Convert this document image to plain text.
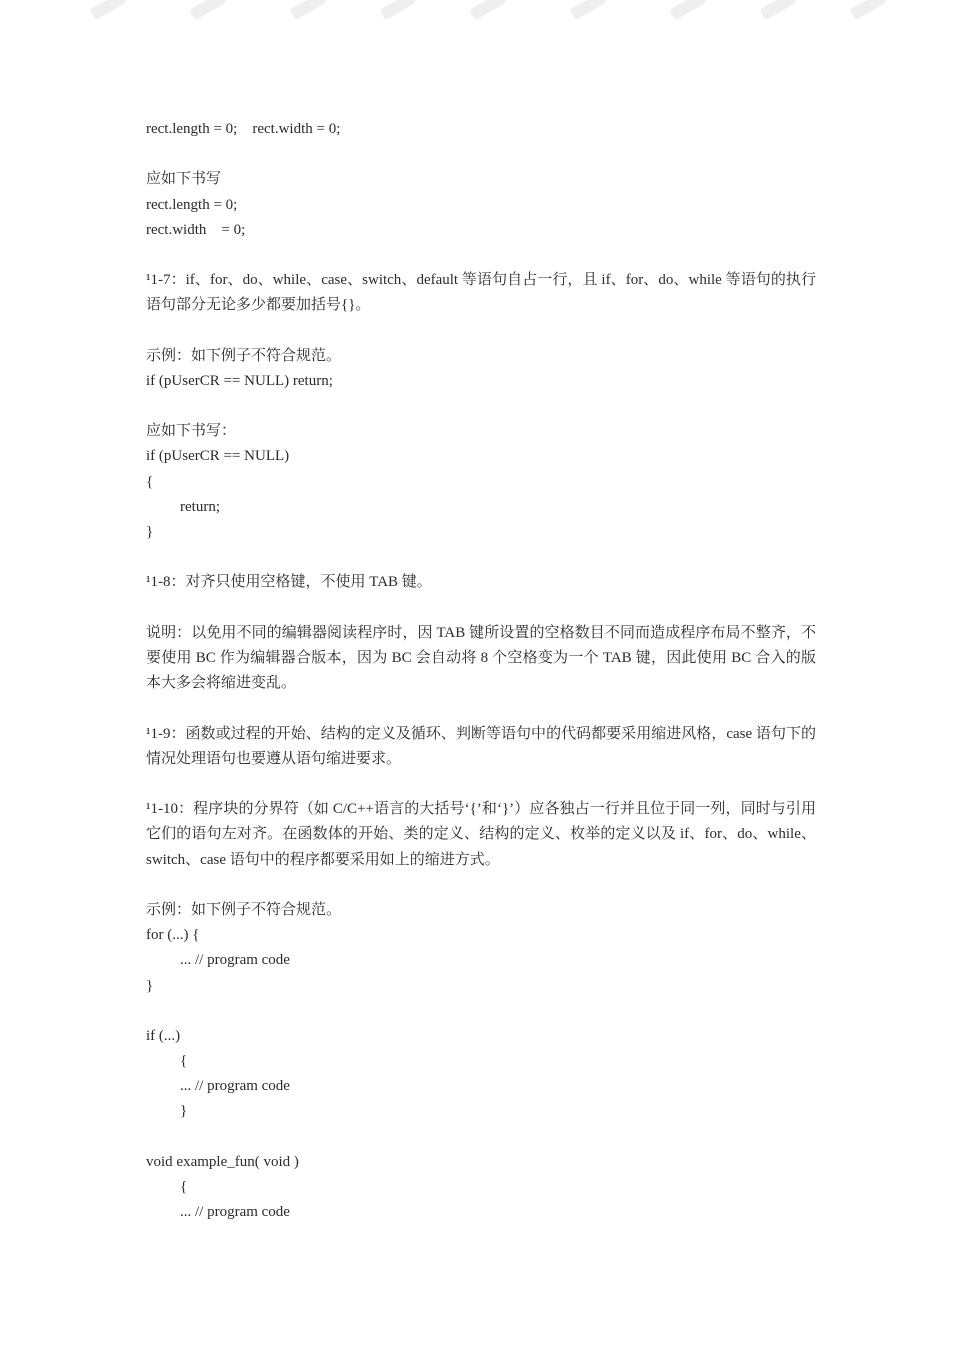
rect.length = 0;    rect.width = 0;
应如下书写
rect.length = 0;
rect.width    = 0;
¹1-7：if、for、do、while、case、switch、default 等语句自占一行，且 if、for、do、while 等语句的执行语句部分无论多少都要加括号{}。
示例：如下例子不符合规范。
if (pUserCR == NULL) return;
应如下书写：
if (pUserCR == NULL)
{
return;
}
¹1-8：对齐只使用空格键，不使用 TAB 键。
说明：以免用不同的编辑器阅读程序时，因 TAB 键所设置的空格数目不同而造成程序布局不整齐，不要使用 BC 作为编辑器合版本，因为 BC 会自动将 8 个空格变为一个 TAB 键，因此使用 BC 合入的版本大多会将缩进变乱。
¹1-9：函数或过程的开始、结构的定义及循环、判断等语句中的代码都要采用缩进风格，case 语句下的情况处理语句也要遵从语句缩进要求。
¹1-10：程序块的分界符（如 C/C++语言的大括号‘{’和‘}’）应各独占一行并且位于同一列，同时与引用它们的语句左对齐。在函数体的开始、类的定义、结构的定义、枚举的定义以及 if、for、do、while、switch、case 语句中的程序都要采用如上的缩进方式。
示例：如下例子不符合规范。
for (...) {
... // program code
}
if (...)
{
... // program code
}
void example_fun( void )
{
... // program code
